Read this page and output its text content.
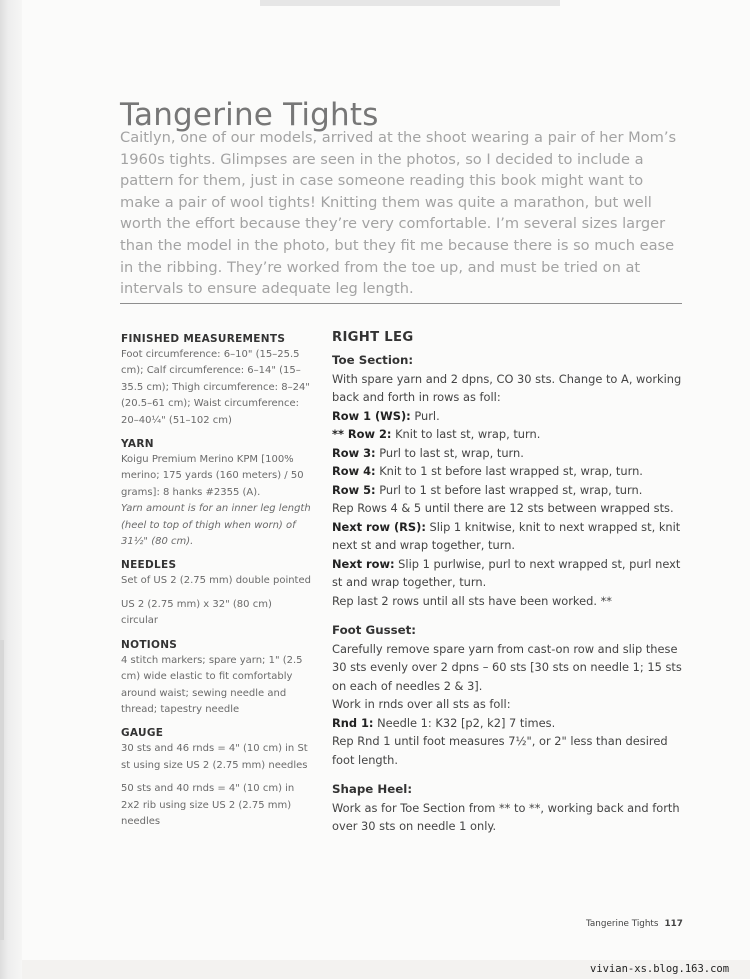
Tangerine Tights

Caitlyn, one of our models, arrived at the shoot wearing a pair of her Mom’s 1960s tights. Glimpses are seen in the photos, so I decided to include a pattern for them, just in case someone reading this book might want to make a pair of wool tights! Knitting them was quite a marathon, but well worth the effort because they’re very comfortable. I’m several sizes larger than the model in the photo, but they fit me because there is so much ease in the ribbing. They’re worked from the toe up, and must be tried on at intervals to ensure adequate leg length.

FINISHED MEASUREMENTS

Foot circumference: 6–10" (15–25.5 cm); Calf circumference: 6–14" (15–35.5 cm); Thigh circumference: 8–24" (20.5–61 cm); Waist circumference: 20–40¼" (51–102 cm)

YARN

Koigu Premium Merino KPM [100% merino; 175 yards (160 meters) / 50 grams]: 8 hanks #2355 (A).

Yarn amount is for an inner leg length (heel to top of thigh when worn) of 31½" (80 cm).

NEEDLES

Set of US 2 (2.75 mm) double pointed

US 2 (2.75 mm) x 32" (80 cm) circular

NOTIONS

4 stitch markers; spare yarn; 1" (2.5 cm) wide elastic to fit comfortably around waist; sewing needle and thread; tapestry needle

GAUGE

30 sts and 46 rnds = 4" (10 cm) in St st using size US 2 (2.75 mm) needles

50 sts and 40 rnds = 4" (10 cm) in 2x2 rib using size US 2 (2.75 mm) needles

RIGHT LEG
Toe Section:

With spare yarn and 2 dpns, CO 30 sts. Change to A, working back and forth in rows as foll:

Row 1 (WS): Purl.

** Row 2: Knit to last st, wrap, turn.

Row 3: Purl to last st, wrap, turn.

Row 4: Knit to 1 st before last wrapped st, wrap, turn.

Row 5: Purl to 1 st before last wrapped st, wrap, turn.

Rep Rows 4 & 5 until there are 12 sts between wrapped sts.

Next row (RS): Slip 1 knitwise, knit to next wrapped st, knit next st and wrap together, turn.

Next row: Slip 1 purlwise, purl to next wrapped st, purl next st and wrap together, turn.

Rep last 2 rows until all sts have been worked. **

Foot Gusset:

Carefully remove spare yarn from cast-on row and slip these 30 sts evenly over 2 dpns – 60 sts [30 sts on needle 1; 15 sts on each of needles 2 & 3].

Work in rnds over all sts as foll:

Rnd 1: Needle 1: K32 [p2, k2] 7 times.

Rep Rnd 1 until foot measures 7½", or 2" less than desired foot length.

Shape Heel:

Work as for Toe Section from ** to **, working back and forth over 30 sts on needle 1 only.

Tangerine Tights 117
vivian-xs.blog.163.com
